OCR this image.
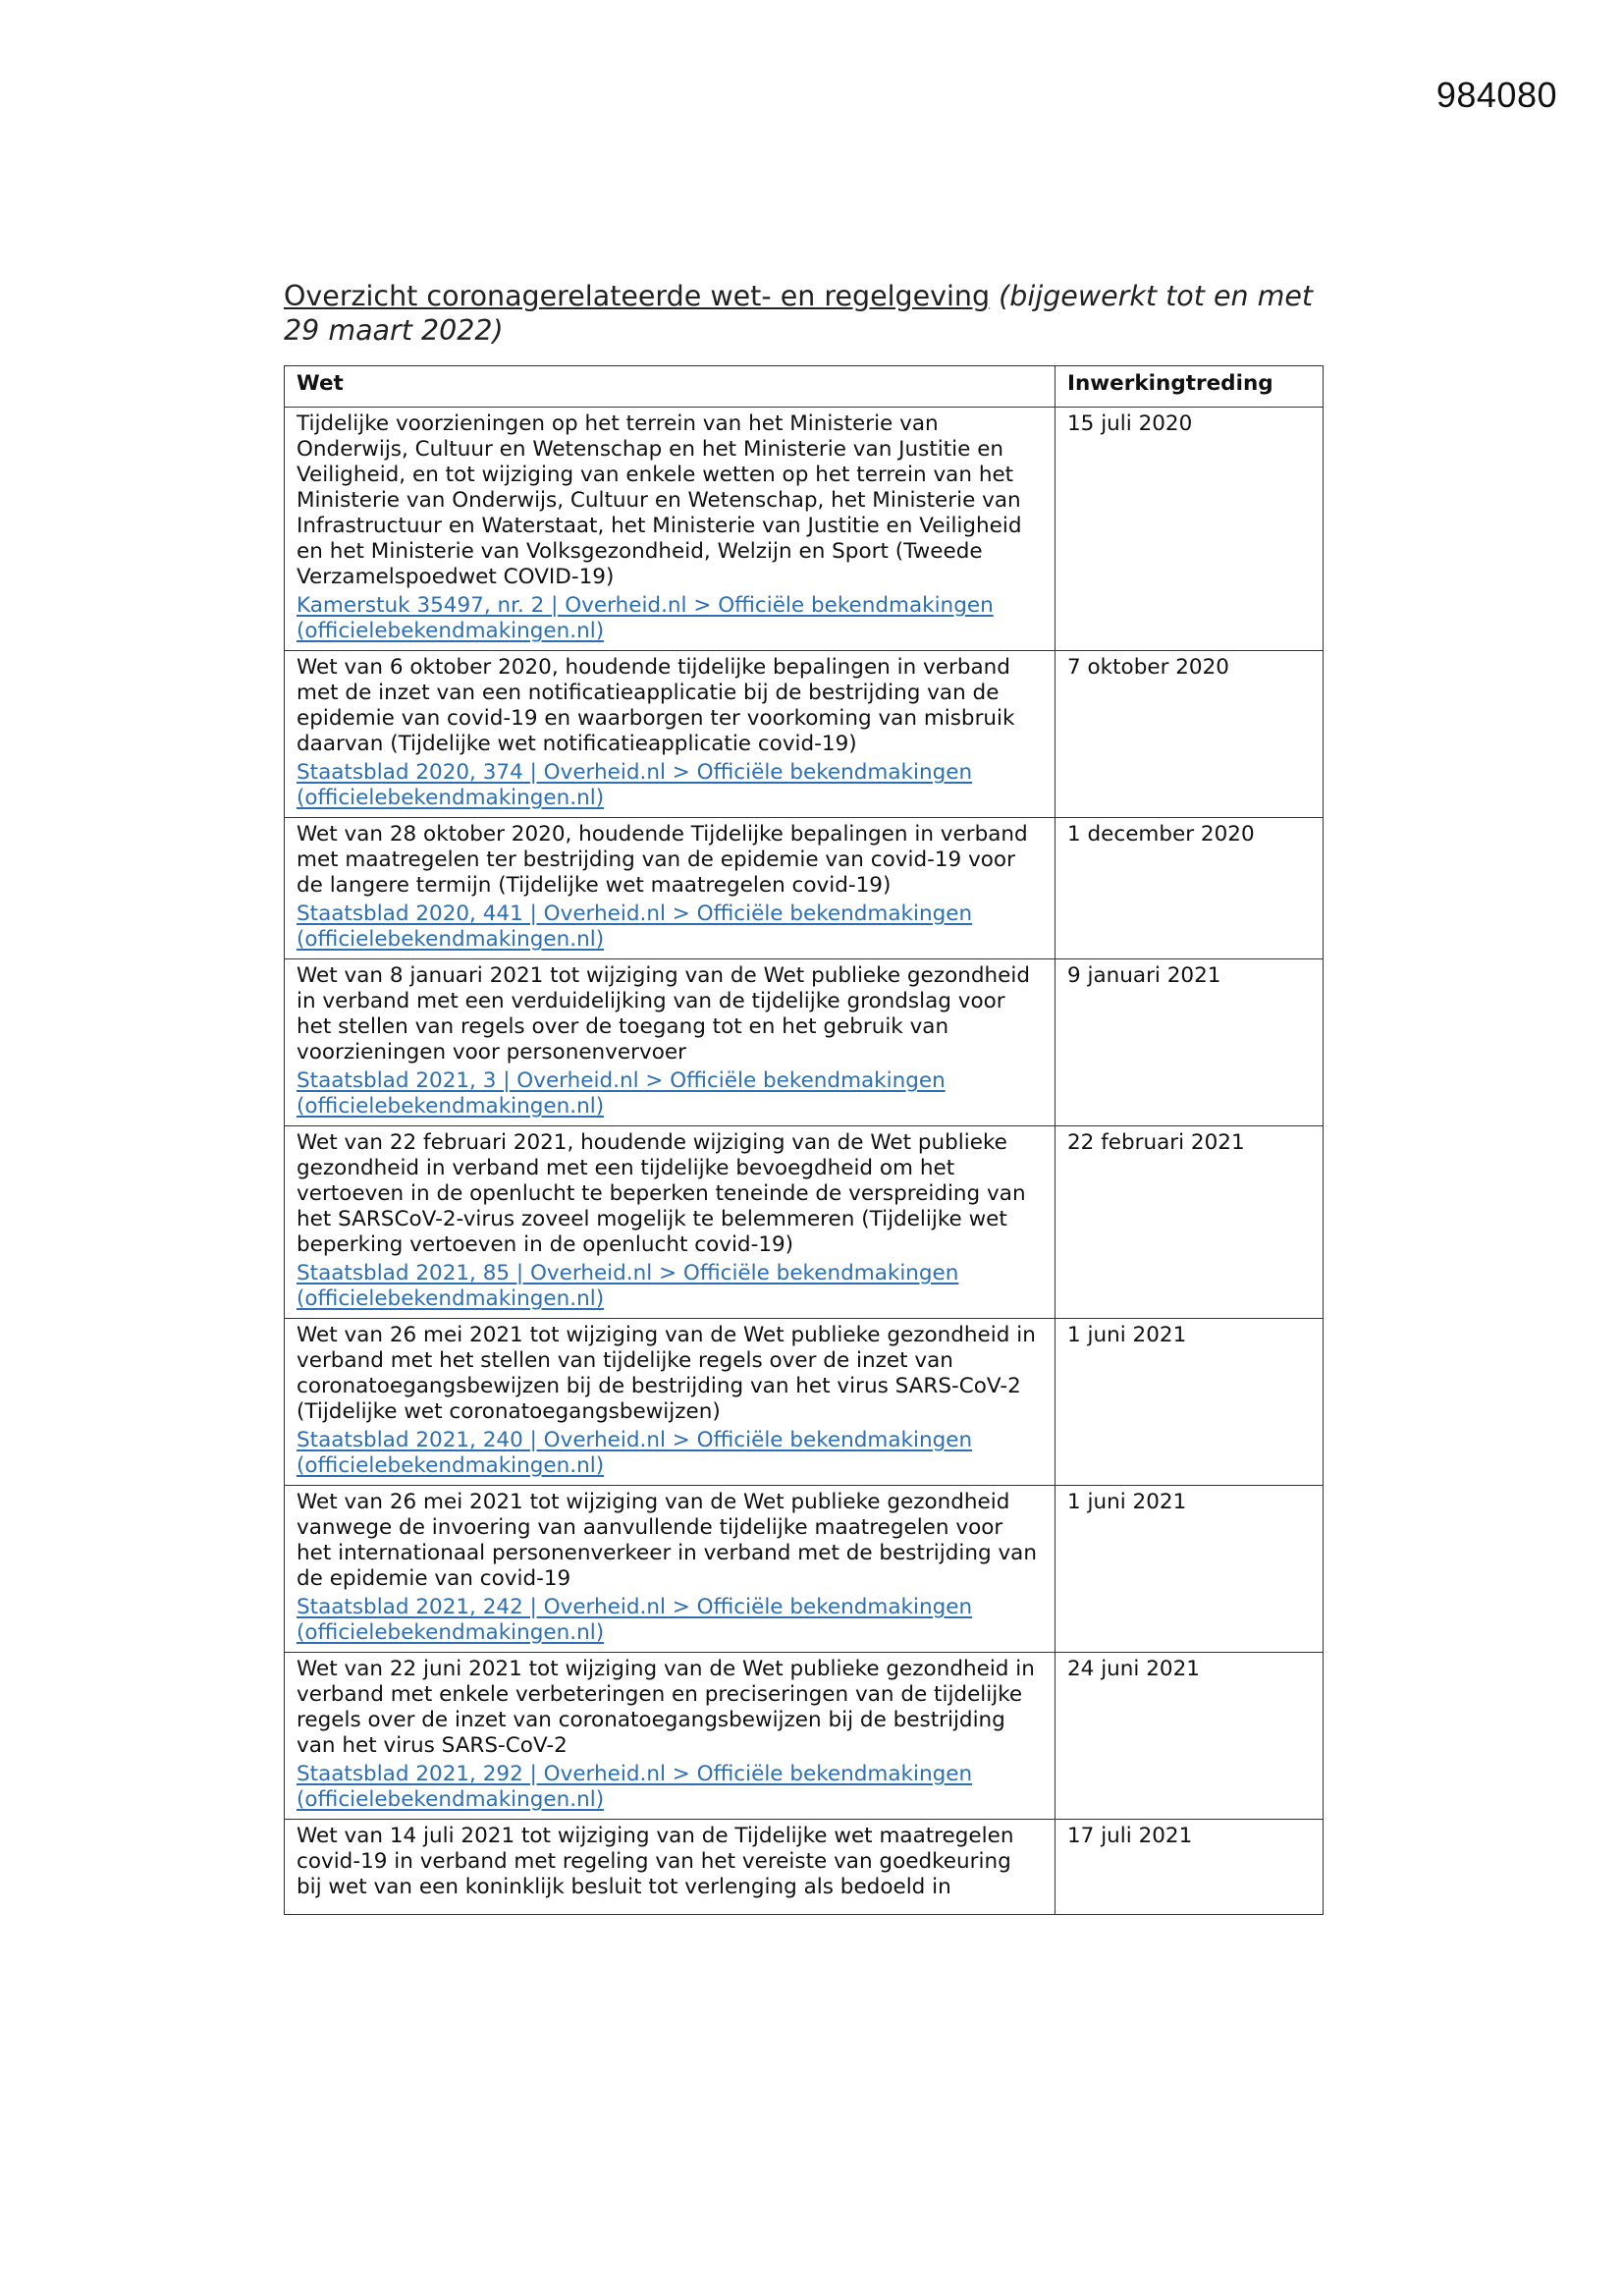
984080
Overzicht coronagerelateerde wet- en regelgeving (bijgewerkt tot en met 29 maart 2022)
Wet	Inwerkingtreding

Tijdelijke voorzieningen op het terrein van het Ministerie van Onderwijs, Cultuur en Wetenschap en het Ministerie van Justitie en Veiligheid, en tot wijziging van enkele wetten op het terrein van het Ministerie van Onderwijs, Cultuur en Wetenschap, het Ministerie van Infrastructuur en Waterstaat, het Ministerie van Justitie en Veiligheid en het Ministerie van Volksgezondheid, Welzijn en Sport (Tweede Verzamelspoedwet COVID-19)
Kamerstuk 35497, nr. 2 | Overheid.nl > Officiële bekendmakingen (officielebekendmakingen.nl)	15 juli 2020

Wet van 6 oktober 2020, houdende tijdelijke bepalingen in verband met de inzet van een notificatieapplicatie bij de bestrijding van de epidemie van covid-19 en waarborgen ter voorkoming van misbruik daarvan (Tijdelijke wet notificatieapplicatie covid-19)
Staatsblad 2020, 374 | Overheid.nl > Officiële bekendmakingen (officielebekendmakingen.nl)	7 oktober 2020

Wet van 28 oktober 2020, houdende Tijdelijke bepalingen in verband met maatregelen ter bestrijding van de epidemie van covid-19 voor de langere termijn (Tijdelijke wet maatregelen covid-19)
Staatsblad 2020, 441 | Overheid.nl > Officiële bekendmakingen (officielebekendmakingen.nl)	1 december 2020

Wet van 8 januari 2021 tot wijziging van de Wet publieke gezondheid in verband met een verduidelijking van de tijdelijke grondslag voor het stellen van regels over de toegang tot en het gebruik van voorzieningen voor personenvervoer
Staatsblad 2021, 3 | Overheid.nl > Officiële bekendmakingen (officielebekendmakingen.nl)	9 januari 2021

Wet van 22 februari 2021, houdende wijziging van de Wet publieke gezondheid in verband met een tijdelijke bevoegdheid om het vertoeven in de openlucht te beperken teneinde de verspreiding van het SARSCoV-2-virus zoveel mogelijk te belemmeren (Tijdelijke wet beperking vertoeven in de openlucht covid-19)
Staatsblad 2021, 85 | Overheid.nl > Officiële bekendmakingen (officielebekendmakingen.nl)	22 februari 2021

Wet van 26 mei 2021 tot wijziging van de Wet publieke gezondheid in verband met het stellen van tijdelijke regels over de inzet van coronatoegangsbewijzen bij de bestrijding van het virus SARS-CoV-2 (Tijdelijke wet coronatoegangsbewijzen)
Staatsblad 2021, 240 | Overheid.nl > Officiële bekendmakingen (officielebekendmakingen.nl)	1 juni 2021

Wet van 26 mei 2021 tot wijziging van de Wet publieke gezondheid vanwege de invoering van aanvullende tijdelijke maatregelen voor het internationaal personenverkeer in verband met de bestrijding van de epidemie van covid-19
Staatsblad 2021, 242 | Overheid.nl > Officiële bekendmakingen (officielebekendmakingen.nl)	1 juni 2021

Wet van 22 juni 2021 tot wijziging van de Wet publieke gezondheid in verband met enkele verbeteringen en preciseringen van de tijdelijke regels over de inzet van coronatoegangsbewijzen bij de bestrijding van het virus SARS-CoV-2
Staatsblad 2021, 292 | Overheid.nl > Officiële bekendmakingen (officielebekendmakingen.nl)	24 juni 2021

Wet van 14 juli 2021 tot wijziging van de Tijdelijke wet maatregelen covid-19 in verband met regeling van het vereiste van goedkeuring bij wet van een koninklijk besluit tot verlenging als bedoeld in	17 juli 2021
